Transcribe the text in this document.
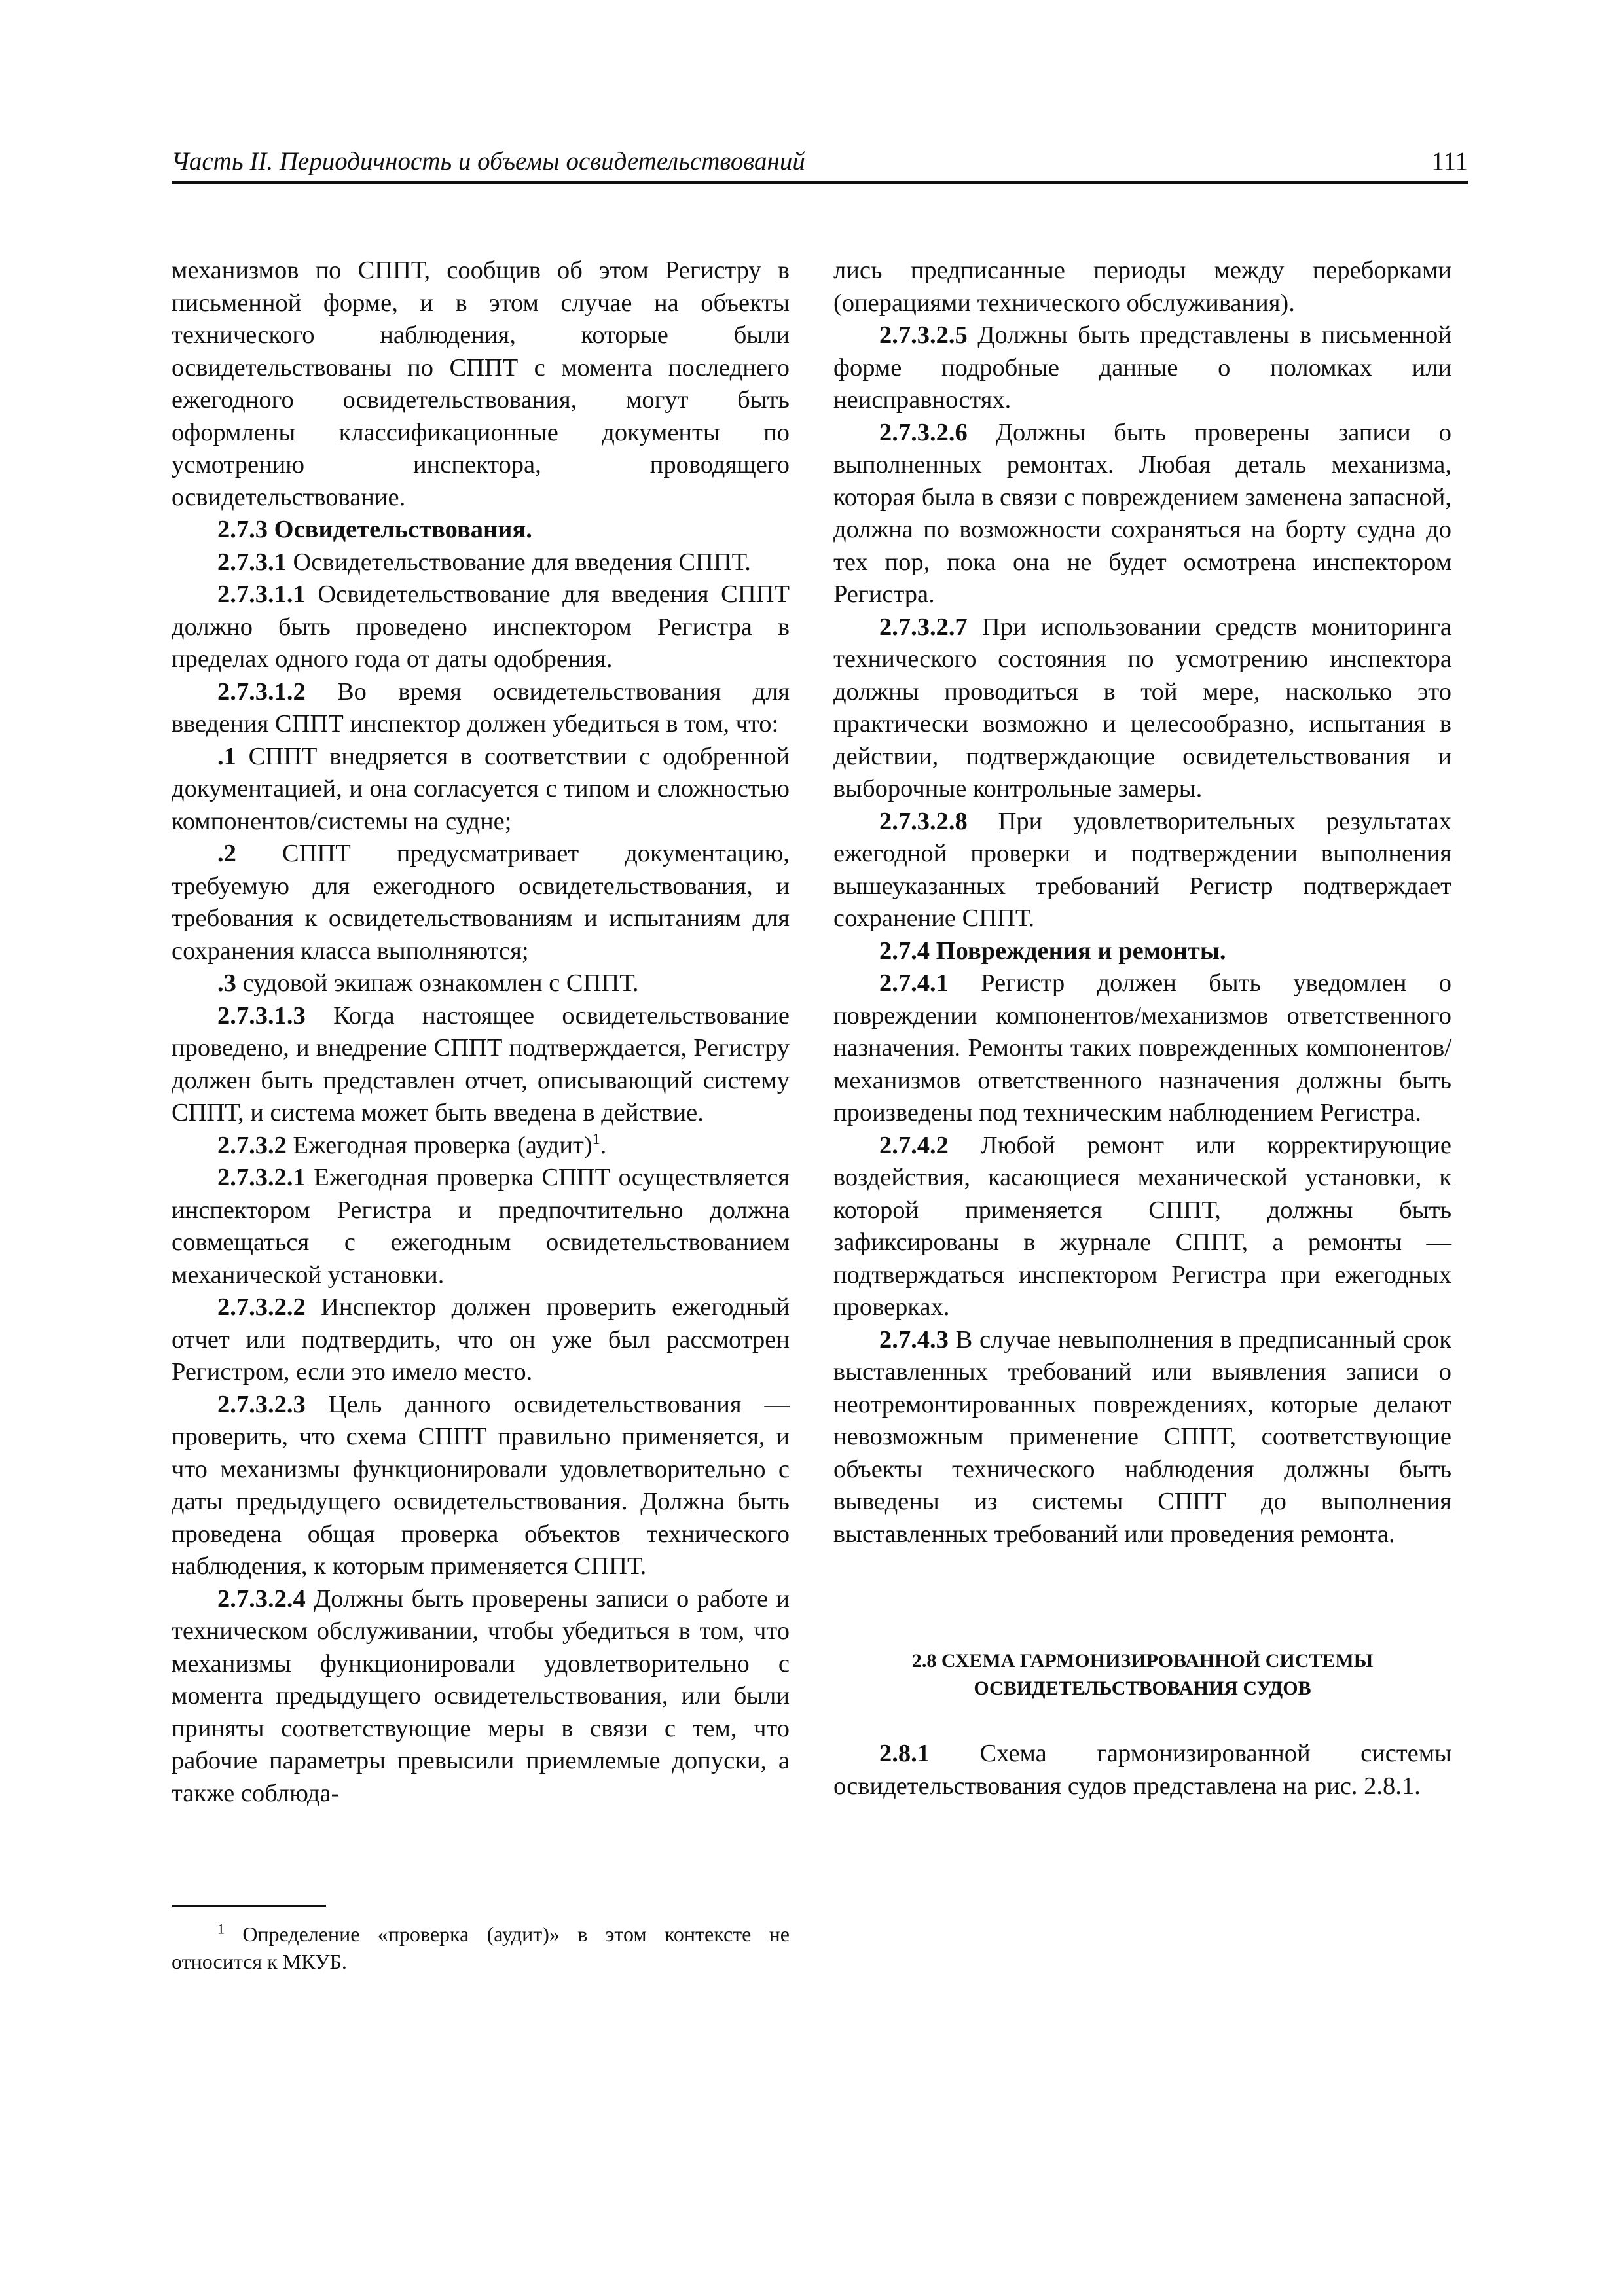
Часть II. Периодичность и объемы освидетельствований	111

механизмов по СППТ, сообщив об этом Регистру в письменной форме, и в этом случае на объекты технического наблюдения, которые были освидетельствованы по СППТ с момента последнего ежегодного освидетельствования, могут быть оформлены классификационные документы по усмотрению инспектора, проводящего освидетельствование.

2.7.3 Освидетельствования.

2.7.3.1 Освидетельствование для введения СППТ.

2.7.3.1.1 Освидетельствование для введения СППТ должно быть проведено инспектором Регистра в пределах одного года от даты одобрения.

2.7.3.1.2 Во время освидетельствования для введения СППТ инспектор должен убедиться в том, что:

.1 СППТ внедряется в соответствии с одобренной документацией, и она согласуется с типом и сложностью компонентов/системы на судне;

.2 СППТ предусматривает документацию, требуемую для ежегодного освидетельствования, и требования к освидетельствованиям и испытаниям для сохранения класса выполняются;

.3 судовой экипаж ознакомлен с СППТ.

2.7.3.1.3 Когда настоящее освидетельствование проведено, и внедрение СППТ подтверждается, Регистру должен быть представлен отчет, описывающий систему СППТ, и система может быть введена в действие.

2.7.3.2 Ежегодная проверка (аудит)$^1$.

2.7.3.2.1 Ежегодная проверка СППТ осуществляется инспектором Регистра и предпочтительно должна совмещаться с ежегодным освидетельствованием механической установки.

2.7.3.2.2 Инспектор должен проверить ежегодный отчет или подтвердить, что он уже был рассмотрен Регистром, если это имело место.

2.7.3.2.3 Цель данного освидетельствования — проверить, что схема СППТ правильно применяется, и что механизмы функционировали удовлетворительно с даты предыдущего освидетельствования. Должна быть проведена общая проверка объектов технического наблюдения, к которым применяется СППТ.

2.7.3.2.4 Должны быть проверены записи о работе и техническом обслуживании, чтобы убедиться в том, что механизмы функционировали удовлетворительно с момента предыдущего освидетельствования, или были приняты соответствующие меры в связи с тем, что рабочие параметры превысили приемлемые допуски, а также соблюда-

$^1$ Определение «проверка (аудит)» в этом контексте не относится к МКУБ.

лись предписанные периоды между переборками (операциями технического обслуживания).

2.7.3.2.5 Должны быть представлены в письменной форме подробные данные о поломках или неисправностях.

2.7.3.2.6 Должны быть проверены записи о выполненных ремонтах. Любая деталь механизма, которая была в связи с повреждением заменена запасной, должна по возможности сохраняться на борту судна до тех пор, пока она не будет осмотрена инспектором Регистра.

2.7.3.2.7 При использовании средств мониторинга технического состояния по усмотрению инспектора должны проводиться в той мере, насколько это практически возможно и целесообразно, испытания в действии, подтверждающие освидетельствования и выборочные контрольные замеры.

2.7.3.2.8 При удовлетворительных результатах ежегодной проверки и подтверждении выполнения вышеуказанных требований Регистр подтверждает сохранение СППТ.

2.7.4 Повреждения и ремонты.

2.7.4.1 Регистр должен быть уведомлен о повреждении компонентов/механизмов ответственного назначения. Ремонты таких поврежденных компонентов/механизмов ответственного назначения должны быть произведены под техническим наблюдением Регистра.

2.7.4.2 Любой ремонт или корректирующие воздействия, касающиеся механической установки, к которой применяется СППТ, должны быть зафиксированы в журнале СППТ, а ремонты — подтверждаться инспектором Регистра при ежегодных проверках.

2.7.4.3 В случае невыполнения в предписанный срок выставленных требований или выявления записи о неотремонтированных повреждениях, которые делают невозможным применение СППТ, соответствующие объекты технического наблюдения должны быть выведены из системы СППТ до выполнения выставленных требований или проведения ремонта.

2.8 СХЕМА ГАРМОНИЗИРОВАННОЙ СИСТЕМЫ
ОСВИДЕТЕЛЬСТВОВАНИЯ СУДОВ

2.8.1 Схема гармонизированной системы освидетельствования судов представлена на рис. 2.8.1.
